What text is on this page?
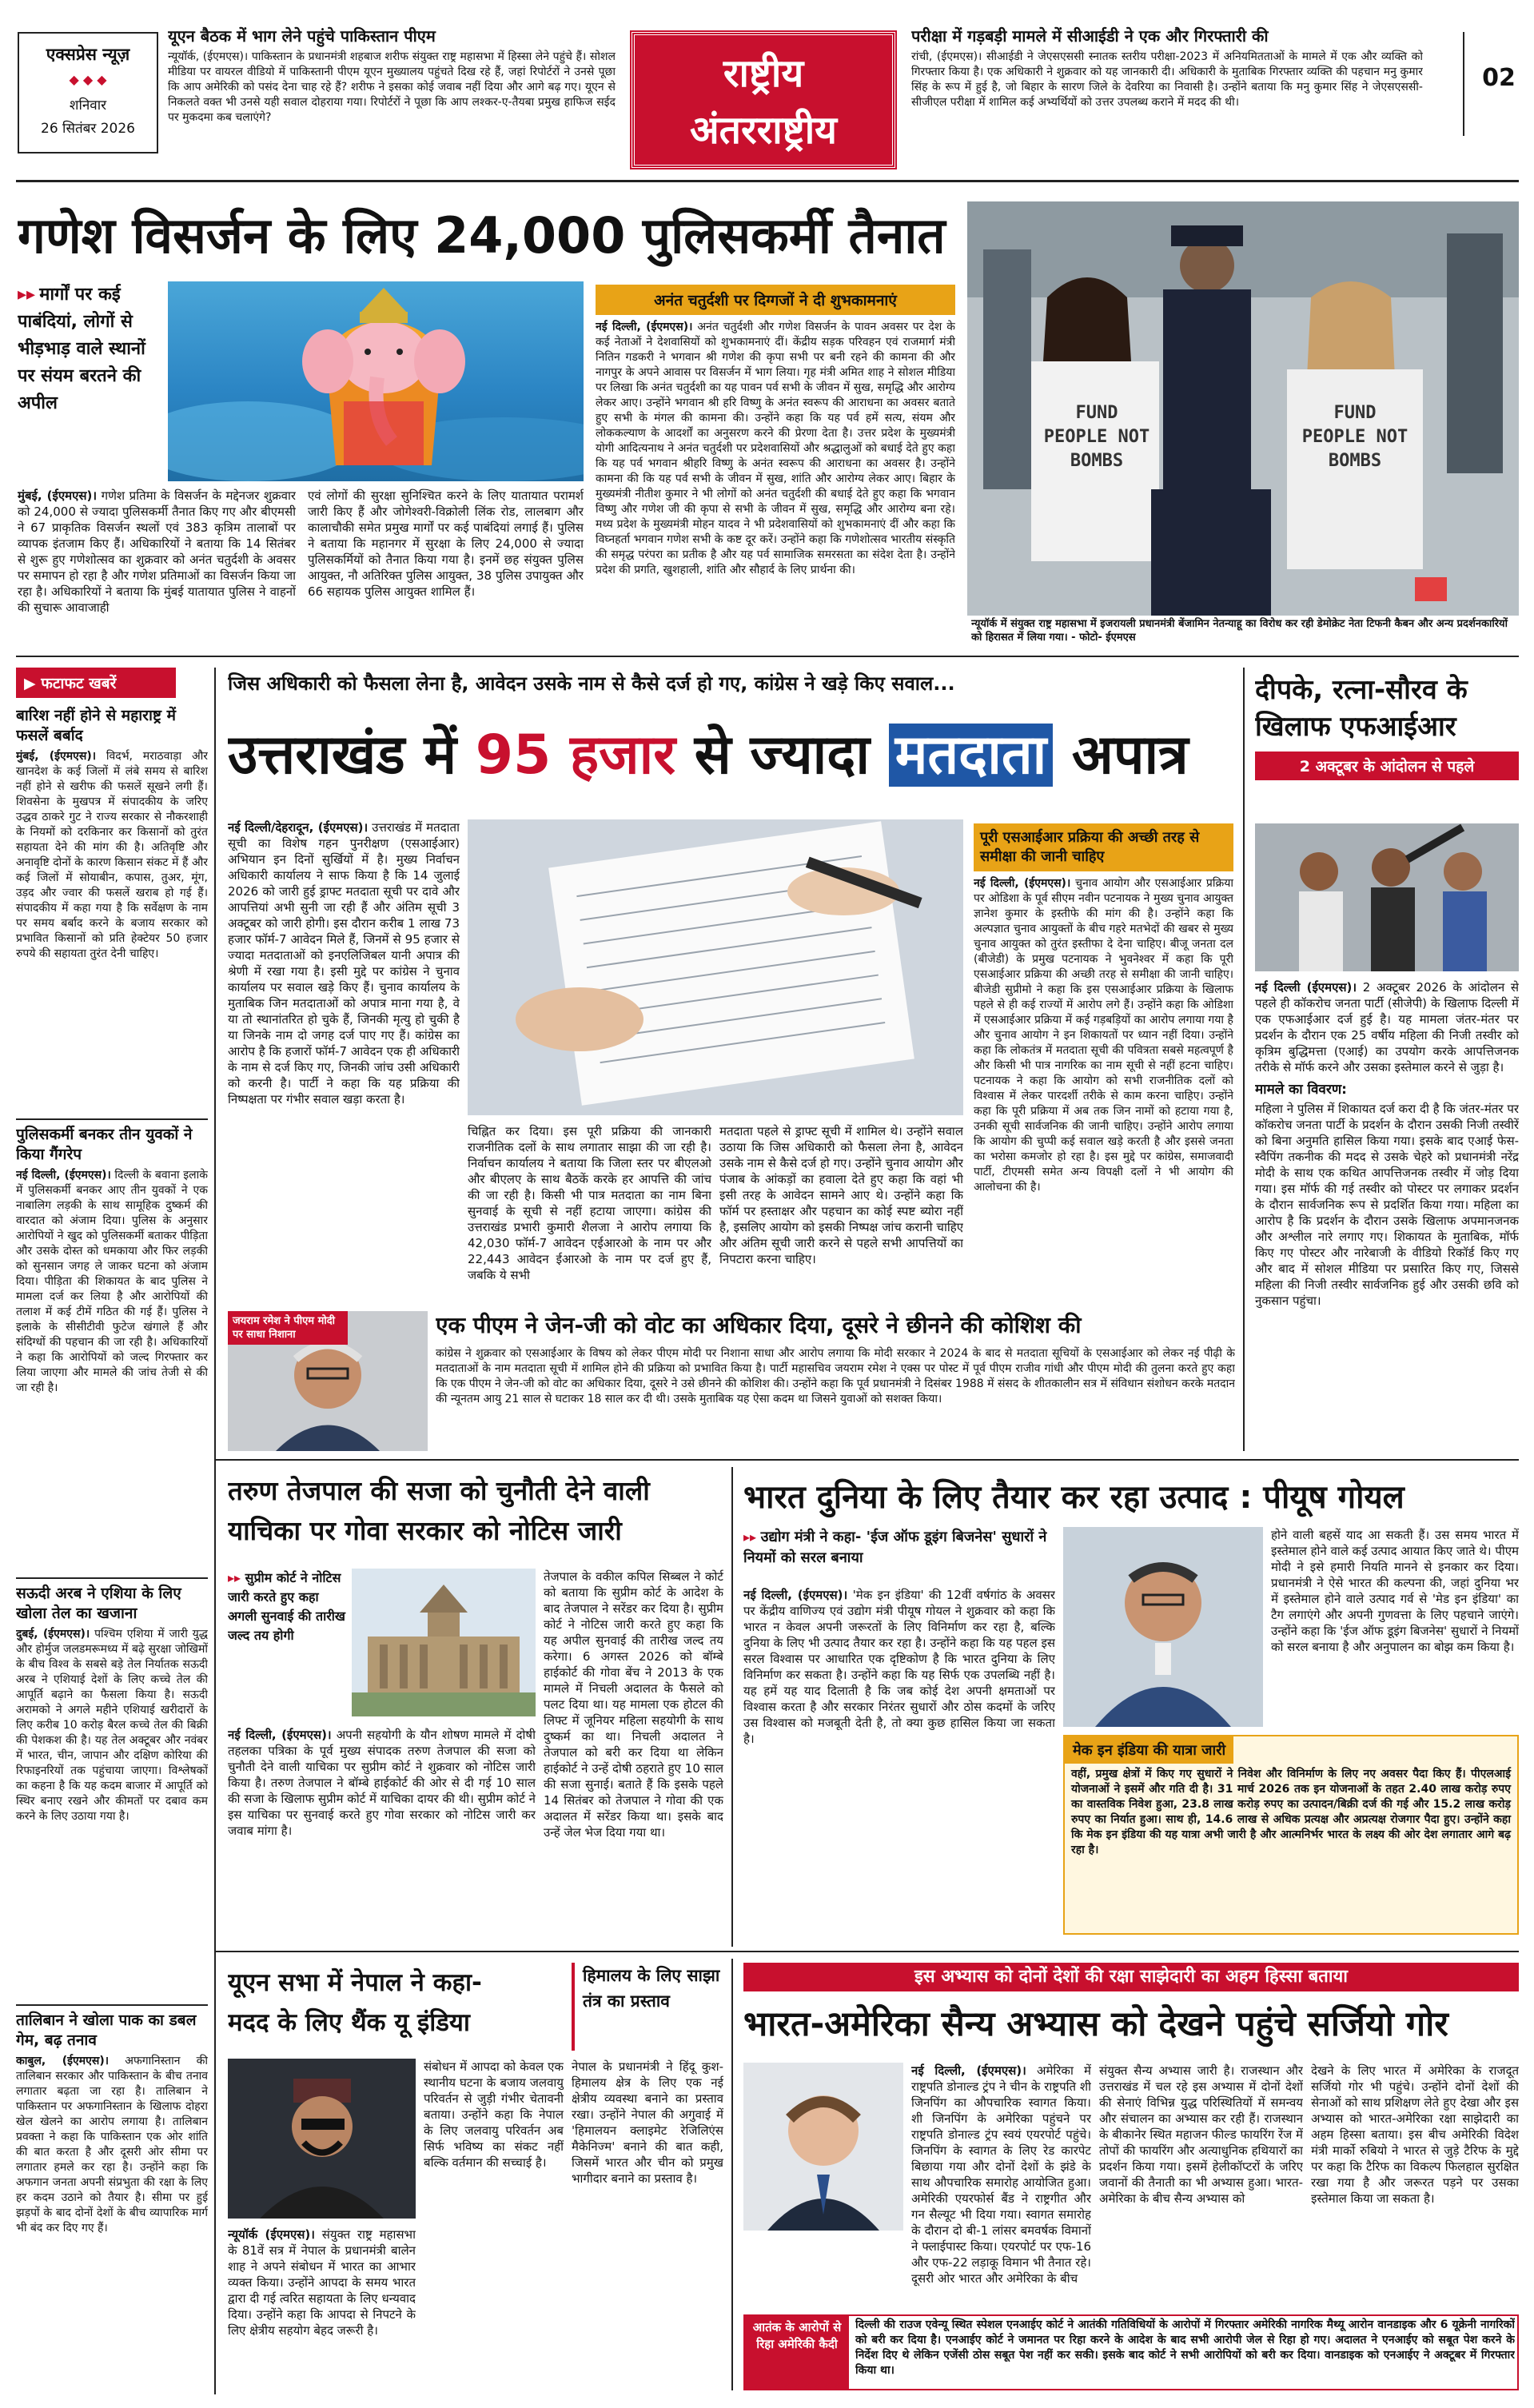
एक्सप्रेस न्यूज़
◆ ◆ ◆
शनिवार
26 सितंबर 2026
यूएन बैठक में भाग लेने पहुंचे पाकिस्तान पीएम
न्यूयॉर्क, (ईएमएस)। पाकिस्तान के प्रधानमंत्री शहबाज शरीफ संयुक्त राष्ट्र महासभा में हिस्सा लेने पहुंचे हैं। सोशल मीडिया पर वायरल वीडियो में पाकिस्तानी पीएम यूएन मुख्यालय पहुंचते दिख रहे हैं, जहां रिपोर्टरों ने उनसे पूछा कि आप अमेरिकी को पसंद देना चाह रहे हैं? शरीफ ने इसका कोई जवाब नहीं दिया और आगे बढ़ गए। यूएन से निकलते वक्त भी उनसे यही सवाल दोहराया गया। रिपोर्टरों ने पूछा कि आप लश्कर-ए-तैयबा प्रमुख हाफिज सईद पर मुकदमा कब चलाएंगे?
राष्ट्रीय
अंतरराष्ट्रीय
परीक्षा में गड़बड़ी मामले में सीआईडी ने एक और गिरफ्तारी की
रांची, (ईएमएस)। सीआईडी ने जेएसएससी स्नातक स्तरीय परीक्षा-2023 में अनियमितताओं के मामले में एक और व्यक्ति को गिरफ्तार किया है। एक अधिकारी ने शुक्रवार को यह जानकारी दी। अधिकारी के मुताबिक गिरफ्तार व्यक्ति की पहचान मनु कुमार सिंह के रूप में हुई है, जो बिहार के सारण जिले के देवरिया का निवासी है। उन्होंने बताया कि मनु कुमार सिंह ने जेएसएससी-सीजीएल परीक्षा में शामिल कई अभ्यर्थियों को उत्तर उपलब्ध कराने में मदद की थी।
02
गणेश विसर्जन के लिए 24,000 पुलिसकर्मी तैनात
▸▸ मार्गों पर कई पाबंदियां, लोगों से भीड़भाड़ वाले स्थानों पर संयम बरतने की अपील
मुंबई, (ईएमएस)। गणेश प्रतिमा के विसर्जन के मद्देनजर शुक्रवार को 24,000 से ज्यादा पुलिसकर्मी तैनात किए गए और बीएमसी ने 67 प्राकृतिक विसर्जन स्थलों एवं 383 कृत्रिम तालाबों पर व्यापक इंतजाम किए हैं। अधिकारियों ने बताया कि 14 सितंबर से शुरू हुए गणेशोत्सव का शुक्रवार को अनंत चतुर्दशी के अवसर पर समापन हो रहा है और गणेश प्रतिमाओं का विसर्जन किया जा रहा है। अधिकारियों ने बताया कि मुंबई यातायात पुलिस ने वाहनों की सुचारू आवाजाही
एवं लोगों की सुरक्षा सुनिश्चित करने के लिए यातायात परामर्श जारी किए हैं और जोगेश्वरी-विक्रोली लिंक रोड, लालबाग और कालाचौकी समेत प्रमुख मार्गों पर कई पाबंदियां लगाई हैं। पुलिस ने बताया कि महानगर में सुरक्षा के लिए 24,000 से ज्यादा पुलिसकर्मियों को तैनात किया गया है। इनमें छह संयुक्त पुलिस आयुक्त, नौ अतिरिक्त पुलिस आयुक्त, 38 पुलिस उपायुक्त और 66 सहायक पुलिस आयुक्त शामिल हैं।
अनंत चतुर्दशी पर दिग्गजों ने दी शुभकामनाएं
नई दिल्ली, (ईएमएस)। अनंत चतुर्दशी और गणेश विसर्जन के पावन अवसर पर देश के कई नेताओं ने देशवासियों को शुभकामनाएं दीं। केंद्रीय सड़क परिवहन एवं राजमार्ग मंत्री नितिन गडकरी ने भगवान श्री गणेश की कृपा सभी पर बनी रहने की कामना की और नागपुर के अपने आवास पर विसर्जन में भाग लिया। गृह मंत्री अमित शाह ने सोशल मीडिया पर लिखा कि अनंत चतुर्दशी का यह पावन पर्व सभी के जीवन में सुख, समृद्धि और आरोग्य लेकर आए। उन्होंने भगवान श्री हरि विष्णु के अनंत स्वरूप की आराधना का अवसर बताते हुए सभी के मंगल की कामना की। उन्होंने कहा कि यह पर्व हमें सत्य, संयम और लोककल्याण के आदर्शों का अनुसरण करने की प्रेरणा देता है। उत्तर प्रदेश के मुख्यमंत्री योगी आदित्यनाथ ने अनंत चतुर्दशी पर प्रदेशवासियों और श्रद्धालुओं को बधाई देते हुए कहा कि यह पर्व भगवान श्रीहरि विष्णु के अनंत स्वरूप की आराधना का अवसर है। उन्होंने कामना की कि यह पर्व सभी के जीवन में सुख, शांति और आरोग्य लेकर आए। बिहार के मुख्यमंत्री नीतीश कुमार ने भी लोगों को अनंत चतुर्दशी की बधाई देते हुए कहा कि भगवान विष्णु और गणेश जी की कृपा से सभी के जीवन में सुख, समृद्धि और आरोग्य बना रहे। मध्य प्रदेश के मुख्यमंत्री मोहन यादव ने भी प्रदेशवासियों को शुभकामनाएं दीं और कहा कि विघ्नहर्ता भगवान गणेश सभी के कष्ट दूर करें। उन्होंने कहा कि गणेशोत्सव भारतीय संस्कृति की समृद्ध परंपरा का प्रतीक है और यह पर्व सामाजिक समरसता का संदेश देता है। उन्होंने प्रदेश की प्रगति, खुशहाली, शांति और सौहार्द के लिए प्रार्थना की।
FUND PEOPLE NOT BOMBS
FUND PEOPLE NOT BOMBS
न्यूयॉर्क में संयुक्त राष्ट्र महासभा में इजरायली प्रधानमंत्री बेंजामिन नेतन्याहू का विरोध कर रही डेमोक्रेट नेता टिफनी कैबन और अन्य प्रदर्शनकारियों को हिरासत में लिया गया। - फोटो- ईएमएस
▶ फटाफट खबरें
बारिश नहीं होने से महाराष्ट्र में फसलें बर्बाद
मुंबई, (ईएमएस)। विदर्भ, मराठवाड़ा और खानदेश के कई जिलों में लंबे समय से बारिश नहीं होने से खरीफ की फसलें सूखने लगी हैं। शिवसेना के मुखपत्र में संपादकीय के जरिए उद्धव ठाकरे गुट ने राज्य सरकार से नौकरशाही के नियमों को दरकिनार कर किसानों को तुरंत सहायता देने की मांग की है। अतिवृष्टि और अनावृष्टि दोनों के कारण किसान संकट में हैं और कई जिलों में सोयाबीन, कपास, तुअर, मूंग, उड़द और ज्वार की फसलें खराब हो गई हैं। संपादकीय में कहा गया है कि सर्वेक्षण के नाम पर समय बर्बाद करने के बजाय सरकार को प्रभावित किसानों को प्रति हेक्टेयर 50 हजार रुपये की सहायता तुरंत देनी चाहिए।
पुलिसकर्मी बनकर तीन युवकों ने किया गैंगरेप
नई दिल्ली, (ईएमएस)। दिल्ली के बवाना इलाके में पुलिसकर्मी बनकर आए तीन युवकों ने एक नाबालिग लड़की के साथ सामूहिक दुष्कर्म की वारदात को अंजाम दिया। पुलिस के अनुसार आरोपियों ने खुद को पुलिसकर्मी बताकर पीड़िता और उसके दोस्त को धमकाया और फिर लड़की को सुनसान जगह ले जाकर घटना को अंजाम दिया। पीड़िता की शिकायत के बाद पुलिस ने मामला दर्ज कर लिया है और आरोपियों की तलाश में कई टीमें गठित की गई हैं। पुलिस ने इलाके के सीसीटीवी फुटेज खंगाले हैं और संदिग्धों की पहचान की जा रही है। अधिकारियों ने कहा कि आरोपियों को जल्द गिरफ्तार कर लिया जाएगा और मामले की जांच तेजी से की जा रही है।
सऊदी अरब ने एशिया के लिए खोला तेल का खजाना
दुबई, (ईएमएस)। पश्चिम एशिया में जारी युद्ध और होर्मुज जलडमरूमध्य में बढ़े सुरक्षा जोखिमों के बीच विश्व के सबसे बड़े तेल निर्यातक सऊदी अरब ने एशियाई देशों के लिए कच्चे तेल की आपूर्ति बढ़ाने का फैसला किया है। सऊदी अरामको ने अगले महीने एशियाई खरीदारों के लिए करीब 10 करोड़ बैरल कच्चे तेल की बिक्री की पेशकश की है। यह तेल अक्टूबर और नवंबर में भारत, चीन, जापान और दक्षिण कोरिया की रिफाइनरियों तक पहुंचाया जाएगा। विश्लेषकों का कहना है कि यह कदम बाजार में आपूर्ति को स्थिर बनाए रखने और कीमतों पर दबाव कम करने के लिए उठाया गया है।
तालिबान ने खोला पाक का डबल गेम, बढ़ तनाव
काबुल, (ईएमएस)। अफगानिस्तान की तालिबान सरकार और पाकिस्तान के बीच तनाव लगातार बढ़ता जा रहा है। तालिबान ने पाकिस्तान पर अफगानिस्तान के खिलाफ दोहरा खेल खेलने का आरोप लगाया है। तालिबान प्रवक्ता ने कहा कि पाकिस्तान एक ओर शांति की बात करता है और दूसरी ओर सीमा पर लगातार हमले कर रहा है। उन्होंने कहा कि अफगान जनता अपनी संप्रभुता की रक्षा के लिए हर कदम उठाने को तैयार है। सीमा पर हुई झड़पों के बाद दोनों देशों के बीच व्यापारिक मार्ग भी बंद कर दिए गए हैं।
जिस अधिकारी को फैसला लेना है, आवेदन उसके नाम से कैसे दर्ज हो गए, कांग्रेस ने खड़े किए सवाल...
उत्तराखंड में 95 हजार से ज्यादा मतदाता अपात्र
नई दिल्ली/देहरादून, (ईएमएस)। उत्तराखंड में मतदाता सूची का विशेष गहन पुनरीक्षण (एसआईआर) अभियान इन दिनों सुर्खियों में है। मुख्य निर्वाचन अधिकारी कार्यालय ने साफ किया है कि 14 जुलाई 2026 को जारी हुई ड्राफ्ट मतदाता सूची पर दावे और आपत्तियां अभी सुनी जा रही हैं और अंतिम सूची 3 अक्टूबर को जारी होगी। इस दौरान करीब 1 लाख 73 हजार फॉर्म-7 आवेदन मिले हैं, जिनमें से 95 हजार से ज्यादा मतदाताओं को इनएलिजिबल यानी अपात्र की श्रेणी में रखा गया है। इसी मुद्दे पर कांग्रेस ने चुनाव कार्यालय पर सवाल खड़े किए हैं। चुनाव कार्यालय के मुताबिक जिन मतदाताओं को अपात्र माना गया है, वे या तो स्थानांतरित हो चुके हैं, जिनकी मृत्यु हो चुकी है या जिनके नाम दो जगह दर्ज पाए गए हैं। कांग्रेस का आरोप है कि हजारों फॉर्म-7 आवेदन एक ही अधिकारी के नाम से दर्ज किए गए, जिनकी जांच उसी अधिकारी को करनी है। पार्टी ने कहा कि यह प्रक्रिया की निष्पक्षता पर गंभीर सवाल खड़ा करता है।
चिह्नित कर दिया। इस पूरी प्रक्रिया की जानकारी राजनीतिक दलों के साथ लगातार साझा की जा रही है। निर्वाचन कार्यालय ने बताया कि जिला स्तर पर बीएलओ और बीएलए के साथ बैठकें करके हर आपत्ति की जांच की जा रही है। किसी भी पात्र मतदाता का नाम बिना सुनवाई के सूची से नहीं हटाया जाएगा। कांग्रेस की उत्तराखंड प्रभारी कुमारी शैलजा ने आरोप लगाया कि 42,030 फॉर्म-7 आवेदन एईआरओ के नाम पर और 22,443 आवेदन ईआरओ के नाम पर दर्ज हुए हैं, जबकि ये सभी
मतदाता पहले से ड्राफ्ट सूची में शामिल थे। उन्होंने सवाल उठाया कि जिस अधिकारी को फैसला लेना है, आवेदन उसके नाम से कैसे दर्ज हो गए। उन्होंने चुनाव आयोग और पंजाब के आंकड़ों का हवाला देते हुए कहा कि वहां भी इसी तरह के आवेदन सामने आए थे। उन्होंने कहा कि फॉर्म पर हस्ताक्षर और पहचान का कोई स्पष्ट ब्योरा नहीं है, इसलिए आयोग को इसकी निष्पक्ष जांच करानी चाहिए और अंतिम सूची जारी करने से पहले सभी आपत्तियों का निपटारा करना चाहिए।
पूरी एसआईआर प्रक्रिया की अच्छी तरह से समीक्षा की जानी चाहिए
नई दिल्ली, (ईएमएस)। चुनाव आयोग और एसआईआर प्रक्रिया पर ओडिशा के पूर्व सीएम नवीन पटनायक ने मुख्य चुनाव आयुक्त ज्ञानेश कुमार के इस्तीफे की मांग की है। उन्होंने कहा कि अल्पज्ञात चुनाव आयुक्तों के बीच गहरे मतभेदों की खबर से मुख्य चुनाव आयुक्त को तुरंत इस्तीफा दे देना चाहिए। बीजू जनता दल (बीजेडी) के प्रमुख पटनायक ने भुवनेश्वर में कहा कि पूरी एसआईआर प्रक्रिया की अच्छी तरह से समीक्षा की जानी चाहिए। बीजेडी सुप्रीमो ने कहा कि इस एसआईआर प्रक्रिया के खिलाफ पहले से ही कई राज्यों में आरोप लगे हैं। उन्होंने कहा कि ओडिशा में एसआईआर प्रक्रिया में कई गड़बड़ियों का आरोप लगाया गया है और चुनाव आयोग ने इन शिकायतों पर ध्यान नहीं दिया। उन्होंने कहा कि लोकतंत्र में मतदाता सूची की पवित्रता सबसे महत्वपूर्ण है और किसी भी पात्र नागरिक का नाम सूची से नहीं हटना चाहिए। पटनायक ने कहा कि आयोग को सभी राजनीतिक दलों को विश्वास में लेकर पारदर्शी तरीके से काम करना चाहिए। उन्होंने कहा कि पूरी प्रक्रिया में अब तक जिन नामों को हटाया गया है, उनकी सूची सार्वजनिक की जानी चाहिए। उन्होंने आरोप लगाया कि आयोग की चुप्पी कई सवाल खड़े करती है और इससे जनता का भरोसा कमजोर हो रहा है। इस मुद्दे पर कांग्रेस, समाजवादी पार्टी, टीएमसी समेत अन्य विपक्षी दलों ने भी आयोग की आलोचना की है।
जयराम रमेश ने पीएम मोदी पर साधा निशाना	एक पीएम ने जेन-जी को वोट का अधिकार दिया, दूसरे ने छीनने की कोशिश की
कांग्रेस ने शुक्रवार को एसआईआर के विषय को लेकर पीएम मोदी पर निशाना साधा और आरोप लगाया कि मोदी सरकार ने 2024 के बाद से मतदाता सूचियों के एसआईआर को लेकर नई पीढ़ी के मतदाताओं के नाम मतदाता सूची में शामिल होने की प्रक्रिया को प्रभावित किया है। पार्टी महासचिव जयराम रमेश ने एक्स पर पोस्ट में पूर्व पीएम राजीव गांधी और पीएम मोदी की तुलना करते हुए कहा कि एक पीएम ने जेन-जी को वोट का अधिकार दिया, दूसरे ने उसे छीनने की कोशिश की। उन्होंने कहा कि पूर्व प्रधानमंत्री ने दिसंबर 1988 में संसद के शीतकालीन सत्र में संविधान संशोधन करके मतदान की न्यूनतम आयु 21 साल से घटाकर 18 साल कर दी थी। उसके मुताबिक यह ऐसा कदम था जिसने युवाओं को सशक्त किया।
दीपके, रत्ना-सौरव के
खिलाफ एफआईआर
2 अक्टूबर के आंदोलन से पहले
नई दिल्ली (ईएमएस)। 2 अक्टूबर 2026 के आंदोलन से पहले ही कॉकरोच जनता पार्टी (सीजेपी) के खिलाफ दिल्ली में एक एफआईआर दर्ज हुई है। यह मामला जंतर-मंतर पर प्रदर्शन के दौरान एक 25 वर्षीय महिला की निजी तस्वीर को कृत्रिम बुद्धिमत्ता (एआई) का उपयोग करके आपत्तिजनक तरीके से मॉर्फ करने और उसका इस्तेमाल करने से जुड़ा है।
मामले का विवरण:
महिला ने पुलिस में शिकायत दर्ज करा दी है कि जंतर-मंतर पर कॉकरोच जनता पार्टी के प्रदर्शन के दौरान उसकी निजी तस्वीरें को बिना अनुमति हासिल किया गया। इसके बाद एआई फेस-स्वैपिंग तकनीक की मदद से उसके चेहरे को प्रधानमंत्री नरेंद्र मोदी के साथ एक कथित आपत्तिजनक तस्वीर में जोड़ दिया गया। इस मॉर्फ की गई तस्वीर को पोस्टर पर लगाकर प्रदर्शन के दौरान सार्वजनिक रूप से प्रदर्शित किया गया। महिला का आरोप है कि प्रदर्शन के दौरान उसके खिलाफ अपमानजनक और अश्लील नारे लगाए गए। शिकायत के मुताबिक, मॉर्फ किए गए पोस्टर और नारेबाजी के वीडियो रिकॉर्ड किए गए और बाद में सोशल मीडिया पर प्रसारित किए गए, जिससे महिला की निजी तस्वीर सार्वजनिक हुई और उसकी छवि को नुकसान पहुंचा।
तरुण तेजपाल की सजा को चुनौती देने वाली
याचिका पर गोवा सरकार को नोटिस जारी
▸▸ सुप्रीम कोर्ट ने नोटिस जारी करते हुए कहा अगली सुनवाई की तारीख जल्द तय होगी
नई दिल्ली, (ईएमएस)। अपनी सहयोगी के यौन शोषण मामले में दोषी तहलका पत्रिका के पूर्व मुख्य संपादक तरुण तेजपाल की सजा को चुनौती देने वाली याचिका पर सुप्रीम कोर्ट ने शुक्रवार को नोटिस जारी किया है। तरुण तेजपाल ने बॉम्बे हाईकोर्ट की ओर से दी गई 10 साल की सजा के खिलाफ सुप्रीम कोर्ट में याचिका दायर की थी। सुप्रीम कोर्ट ने इस याचिका पर सुनवाई करते हुए गोवा सरकार को नोटिस जारी कर जवाब मांगा है।
तेजपाल के वकील कपिल सिब्बल ने कोर्ट को बताया कि सुप्रीम कोर्ट के आदेश के बाद तेजपाल ने सरेंडर कर दिया है। सुप्रीम कोर्ट ने नोटिस जारी करते हुए कहा कि यह अपील सुनवाई की तारीख जल्द तय करेगा। 6 अगस्त 2026 को बॉम्बे हाईकोर्ट की गोवा बेंच ने 2013 के एक मामले में निचली अदालत के फैसले को पलट दिया था। यह मामला एक होटल की लिफ्ट में जूनियर महिला सहयोगी के साथ दुष्कर्म का था। निचली अदालत ने तेजपाल को बरी कर दिया था लेकिन हाईकोर्ट ने उन्हें दोषी ठहराते हुए 10 साल की सजा सुनाई। बताते हैं कि इसके पहले 14 सितंबर को तेजपाल ने गोवा की एक अदालत में सरेंडर किया था। इसके बाद उन्हें जेल भेज दिया गया था।
भारत दुनिया के लिए तैयार कर रहा उत्पाद : पीयूष गोयल
▸▸ उद्योग मंत्री ने कहा- 'ईज ऑफ डूइंग बिजनेस' सुधारों ने नियमों को सरल बनाया
नई दिल्ली, (ईएमएस)। 'मेक इन इंडिया' की 12वीं वर्षगांठ के अवसर पर केंद्रीय वाणिज्य एवं उद्योग मंत्री पीयूष गोयल ने शुक्रवार को कहा कि भारत न केवल अपनी जरूरतों के लिए विनिर्माण कर रहा है, बल्कि दुनिया के लिए भी उत्पाद तैयार कर रहा है। उन्होंने कहा कि यह पहल इस सरल विश्वास पर आधारित एक दृष्टिकोण है कि भारत दुनिया के लिए विनिर्माण कर सकता है। उन्होंने कहा कि यह सिर्फ एक उपलब्धि नहीं है। यह हमें यह याद दिलाती है कि जब कोई देश अपनी क्षमताओं पर विश्वास करता है और सरकार निरंतर सुधारों और ठोस कदमों के जरिए उस विश्वास को मजबूती देती है, तो क्या कुछ हासिल किया जा सकता है।
होने वाली बहसें याद आ सकती हैं। उस समय भारत में इस्तेमाल होने वाले कई उत्पाद आयात किए जाते थे। पीएम मोदी ने इसे हमारी नियति मानने से इनकार कर दिया। प्रधानमंत्री ने ऐसे भारत की कल्पना की, जहां दुनिया भर में इस्तेमाल होने वाले उत्पाद गर्व से 'मेड इन इंडिया' का टैग लगाएंगे और अपनी गुणवत्ता के लिए पहचाने जाएंगे। उन्होंने कहा कि 'ईज ऑफ डूइंग बिजनेस' सुधारों ने नियमों को सरल बनाया है और अनुपालन का बोझ कम किया है।
मेक इन इंडिया की यात्रा जारी
वहीं, प्रमुख क्षेत्रों में किए गए सुधारों ने निवेश और विनिर्माण के लिए नए अवसर पैदा किए हैं। पीएलआई योजनाओं ने इसमें और गति दी है। 31 मार्च 2026 तक इन योजनाओं के तहत 2.40 लाख करोड़ रुपए का वास्तविक निवेश हुआ, 23.8 लाख करोड़ रुपए का उत्पादन/बिक्री दर्ज की गई और 15.2 लाख करोड़ रुपए का निर्यात हुआ। साथ ही, 14.6 लाख से अधिक प्रत्यक्ष और अप्रत्यक्ष रोजगार पैदा हुए। उन्होंने कहा कि मेक इन इंडिया की यह यात्रा अभी जारी है और आत्मनिर्भर भारत के लक्ष्य की ओर देश लगातार आगे बढ़ रहा है।
यूएन सभा में नेपाल ने कहा-
मदद के लिए थैंक यू इंडिया
हिमालय के लिए साझा तंत्र का प्रस्ताव
न्यूयॉर्क (ईएमएस)। संयुक्त राष्ट्र महासभा के 81वें सत्र में नेपाल के प्रधानमंत्री बालेन शाह ने अपने संबोधन में भारत का आभार व्यक्त किया। उन्होंने आपदा के समय भारत द्वारा दी गई त्वरित सहायता के लिए धन्यवाद दिया। उन्होंने कहा कि आपदा से निपटने के लिए क्षेत्रीय सहयोग बेहद जरूरी है।
संबोधन में आपदा को केवल एक स्थानीय घटना के बजाय जलवायु परिवर्तन से जुड़ी गंभीर चेतावनी बताया। उन्होंने कहा कि नेपाल के लिए जलवायु परिवर्तन अब सिर्फ भविष्य का संकट नहीं बल्कि वर्तमान की सच्चाई है।
नेपाल के प्रधानमंत्री ने हिंदू कुश-हिमालय क्षेत्र के लिए एक नई क्षेत्रीय व्यवस्था बनाने का प्रस्ताव रखा। उन्होंने नेपाल की अगुवाई में 'हिमालयन क्लाइमेट रेजिलिएंस मैकेनिज्म' बनाने की बात कही, जिसमें भारत और चीन को प्रमुख भागीदार बनाने का प्रस्ताव है।
इस अभ्यास को दोनों देशों की रक्षा साझेदारी का अहम हिस्सा बताया
भारत-अमेरिका सैन्य अभ्यास को देखने पहुंचे सर्जियो गोर
नई दिल्ली, (ईएमएस)। अमेरिका में राष्ट्रपति डोनाल्ड ट्रंप ने चीन के राष्ट्रपति शी जिनपिंग का औपचारिक स्वागत किया। शी जिनपिंग के अमेरिका पहुंचने पर राष्ट्रपति डोनाल्ड ट्रंप स्वयं एयरपोर्ट पहुंचे। जिनपिंग के स्वागत के लिए रेड कारपेट बिछाया गया और दोनों देशों के झंडे के साथ औपचारिक समारोह आयोजित हुआ। अमेरिकी एयरफोर्स बैंड ने राष्ट्रगीत और गन सैल्यूट भी दिया गया। स्वागत समारोह के दौरान दो बी-1 लांसर बमवर्षक विमानों ने फ्लाईपास्ट किया। एयरपोर्ट पर एफ-16 और एफ-22 लड़ाकू विमान भी तैनात रहे। दूसरी ओर भारत और अमेरिका के बीच
संयुक्त सैन्य अभ्यास जारी है। राजस्थान और उत्तराखंड में चल रहे इस अभ्यास में दोनों देशों की सेनाएं विभिन्न युद्ध परिस्थितियों में समन्वय और संचालन का अभ्यास कर रही हैं। राजस्थान के बीकानेर स्थित महाजन फील्ड फायरिंग रेंज में तोपों की फायरिंग और अत्याधुनिक हथियारों का प्रदर्शन किया गया। इसमें हेलीकॉप्टरों के जरिए जवानों की तैनाती का भी अभ्यास हुआ। भारत-अमेरिका के बीच सैन्य अभ्यास को
देखने के लिए भारत में अमेरिका के राजदूत सर्जियो गोर भी पहुंचे। उन्होंने दोनों देशों की सेनाओं को साथ प्रशिक्षण लेते हुए देखा और इस अभ्यास को भारत-अमेरिका रक्षा साझेदारी का अहम हिस्सा बताया। इस बीच अमेरिकी विदेश मंत्री मार्को रुबियो ने भारत से जुड़े टैरिफ के मुद्दे पर कहा कि टैरिफ का विकल्प फिलहाल सुरक्षित रखा गया है और जरूरत पड़ने पर उसका इस्तेमाल किया जा सकता है।
आतंक के आरोपों से रिहा अमेरिकी कैदी
दिल्ली की राउज एवेन्यू स्थित स्पेशल एनआईए कोर्ट ने आतंकी गतिविधियों के आरोपों में गिरफ्तार अमेरिकी नागरिक मैथ्यू आरोन वानडाइक और 6 यूक्रेनी नागरिकों को बरी कर दिया है। एनआईए कोर्ट ने जमानत पर रिहा करने के आदेश के बाद सभी आरोपी जेल से रिहा हो गए। अदालत ने एनआईए को सबूत पेश करने के निर्देश दिए थे लेकिन एजेंसी ठोस सबूत पेश नहीं कर सकी। इसके बाद कोर्ट ने सभी आरोपियों को बरी कर दिया। वानडाइक को एनआईए ने अक्टूबर में गिरफ्तार किया था।
